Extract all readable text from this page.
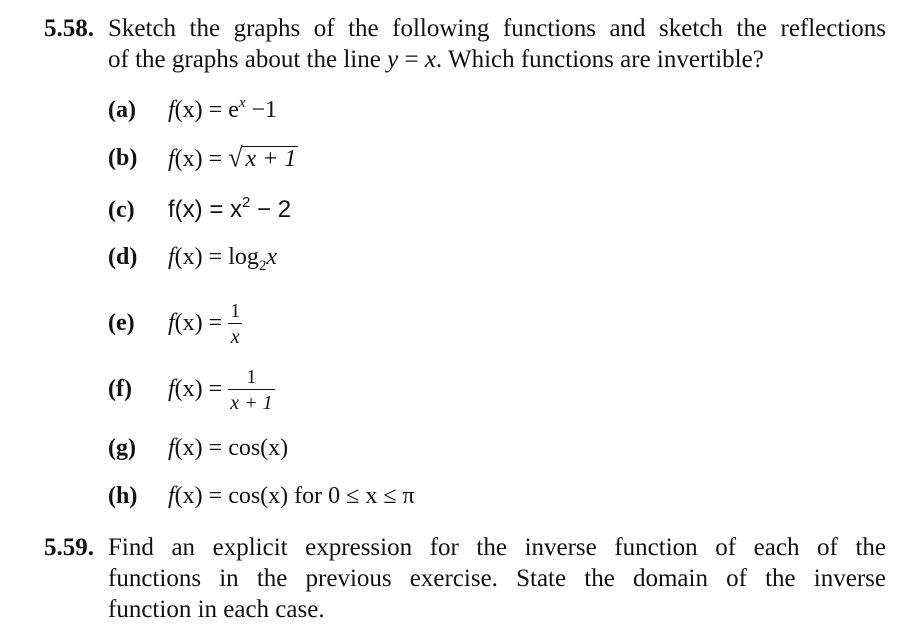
5.58. Sketch the graphs of the following functions and sketch the reflections
of the graphs about the line y = x. Which functions are invertible?
(a) $f(x) = e^x -1$
(b) f(x) = √ x + 1
(c) $f(x) = x^2 - 2$
(d) $f(x) = \log_2x$
(e) $f(x) = \frac{1}{x}$
(f) $f(x) = \frac{1}{x + 1}$
(g) f(x) = cos(x)
(h) f(x) = cos(x) for 0 ≤ x ≤ π
5.59. Find an explicit expression for the inverse function of each of the
functions in the previous exercise. State the domain of the inverse
function in each case.
